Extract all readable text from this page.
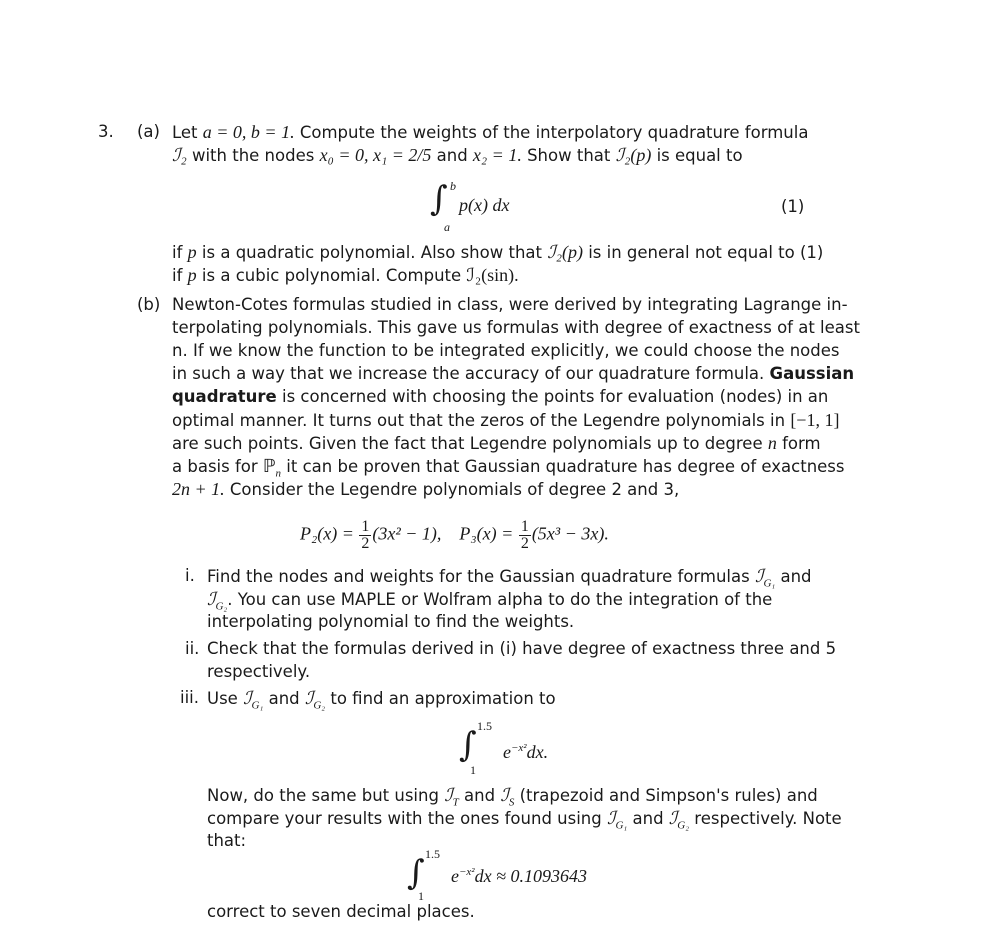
3. (a) Let a = 0, b = 1. Compute the weights of the interpolatory quadrature formula
ℐ₂ with the nodes x₀ = 0, x₁ = 2/5 and x₂ = 1. Show that ℐ₂(p) is equal to
∫ b
a
p(x) dx	(1)
if p is a quadratic polynomial. Also show that ℐ₂(p) is in general not equal to (1)
if p is a cubic polynomial. Compute ℐ₂(sin).
(b) Newton-Cotes formulas studied in class, were derived by integrating Lagrange in-
terpolating polynomials. This gave us formulas with degree of exactness of at least
n. If we know the function to be integrated explicitly, we could choose the nodes
in such a way that we increase the accuracy of our quadrature formula. Gaussian
quadrature is concerned with choosing the points for evaluation (nodes) in an
optimal manner. It turns out that the zeros of the Legendre polynomials in [−1, 1]
are such points. Given the fact that Legendre polynomials up to degree n form
a basis for ℙ$_n$ it can be proven that Gaussian quadrature has degree of exactness
2n + 1. Consider the Legendre polynomials of degree 2 and 3,
$P_2(x) = \frac{1}{2} (3x^2 - 1)$, $P_3(x) = \frac{1}{2} (5x^3 - 3x)$.
i. Find the nodes and weights for the Gaussian quadrature formulas ℐ$_{G_1}$ and
ℐ$_{G_2}$. You can use MAPLE or Wolfram alpha to do the integration of the
interpolating polynomial to find the weights.
ii. Check that the formulas derived in (i) have degree of exactness three and 5
respectively.
iii. Use ℐ$_{G_1}$ and ℐ$_{G_2}$ to find an approximation to
∫ 1.5
1
$e^{-x^2}dx$.
Now, do the same but using ℐ$_T$ and ℐ$_S$ (trapezoid and Simpson's rules) and
compare your results with the ones found using ℐ$_{G_1}$ and ℐ$_{G_2}$ respectively. Note
that:
∫ 1.5
1
$e^{-x^2}dx \approx 0.1093643$
correct to seven decimal places.
